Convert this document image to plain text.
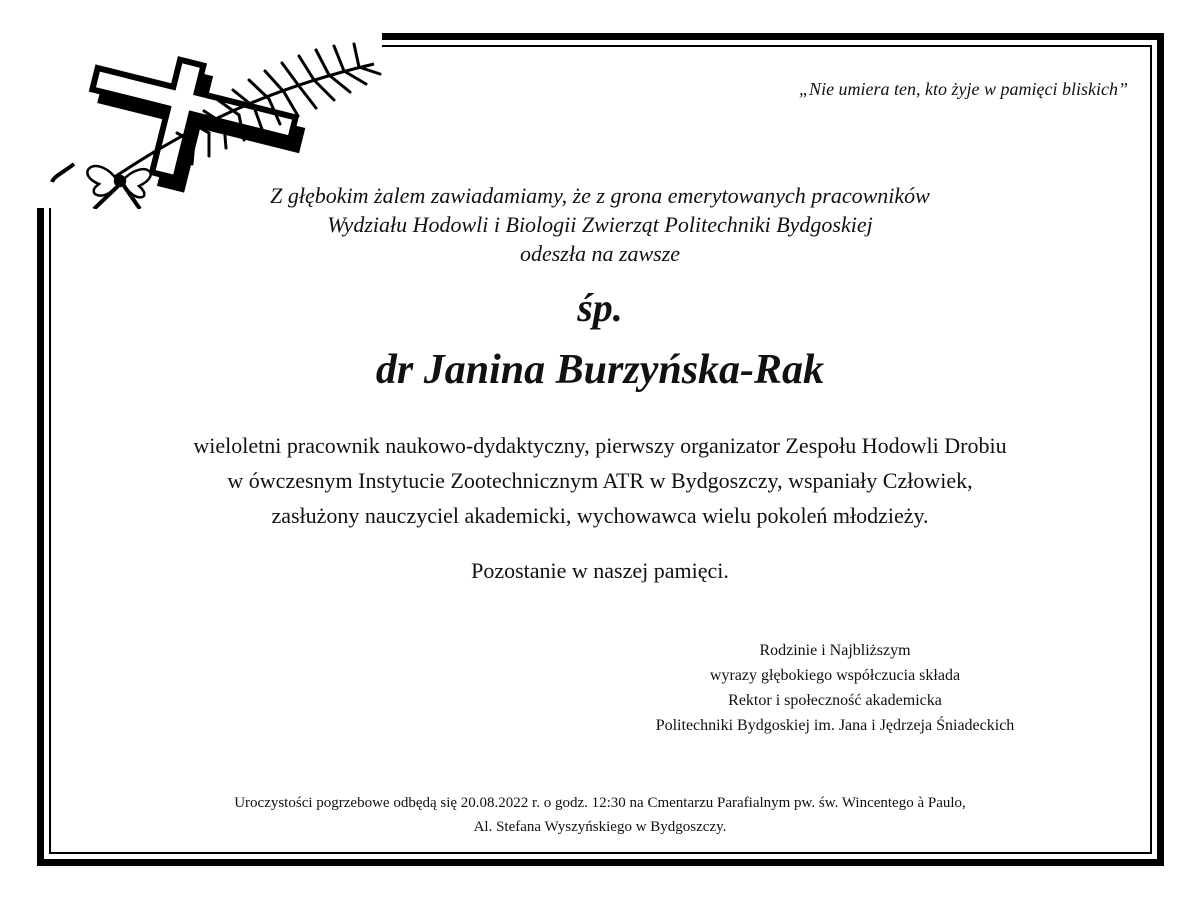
„Nie umiera ten, kto żyje w pamięci bliskich”
Z głębokim żalem zawiadamiamy, że z grona emerytowanych pracowników
Wydziału Hodowli i Biologii Zwierząt Politechniki Bydgoskiej
odeszła na zawsze
śp.
dr Janina Burzyńska-Rak
wieloletni pracownik naukowo-dydaktyczny, pierwszy organizator Zespołu Hodowli Drobiu
w ówczesnym Instytucie Zootechnicznym ATR w Bydgoszczy, wspaniały Człowiek,
zasłużony nauczyciel akademicki, wychowawca wielu pokoleń młodzieży.
Pozostanie w naszej pamięci.
Rodzinie i Najbliższym
wyrazy głębokiego współczucia składa
Rektor i społeczność akademicka
Politechniki Bydgoskiej im. Jana i Jędrzeja Śniadeckich
Uroczystości pogrzebowe odbędą się 20.08.2022 r. o godz. 12:30 na Cmentarzu Parafialnym pw. św. Wincentego à Paulo,
Al. Stefana Wyszyńskiego w Bydgoszczy.
